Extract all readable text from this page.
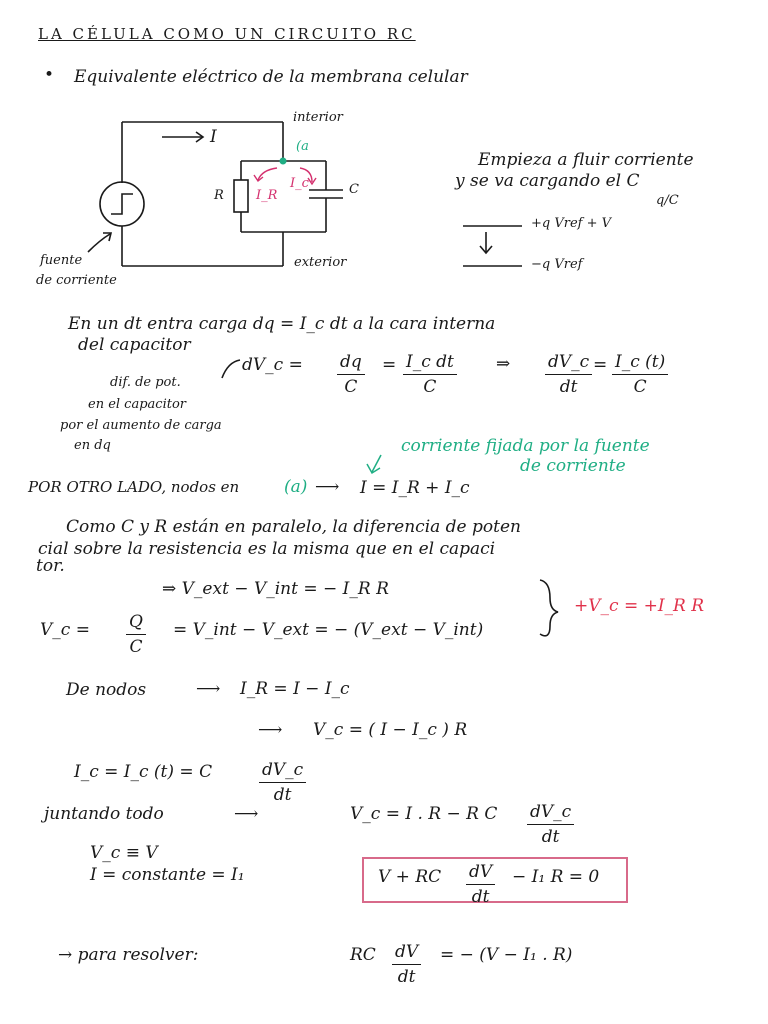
LA CÉLULA COMO UN CIRCUITO RC
• Equivalente eléctrico de la membrana celular
I
interior
(a
R I_R
I_c	C
fuente
de corriente
exterior
Empieza a fluir corriente
y se va cargando el C
q/C
+q Vref + V
−q Vref
En un dt entra carga dq = I_c dt a la cara interna
del capacitor
dV_c = $\frac{dq}{C} = \frac{\text{I\_c dt}}{C}$ ⇒ $\frac{dV\_c}{dt} = \frac{I\_c (t)}{C}$
dif. de pot.
en el capacitor
por el aumento de carga
en dq	corriente fijada por la fuente
de corriente
POR OTRO LADO, nodos en	(a) ⟶ I = I_R + I_c
Como C y R están en paralelo, la diferencia de poten
cial sobre la resistencia es la misma que en el capaci
tor.
⇒ V_ext − V_int = − I_R R
V_c = $\frac{Q}{C}$ = V_int − V_ext = − (V_ext − V_int)
+V_c = +I_R R
De nodos	⟶ I_R = I − I_c
⟶ V_c = ( I − I_c ) R
I_c = I_c (t) = C	$\frac{dV\_c}{dt}$
juntando todo	⟶	V_c = I . R − R C $\frac{dV\_c}{dt}$
V_c ≡ V
I = constante = I₁	V + RC $\frac{dV}{dt} - I_1$ R = 0
→ para resolver:	RC $\frac{dV}{dt}$ = − (V − I₁ . R)
